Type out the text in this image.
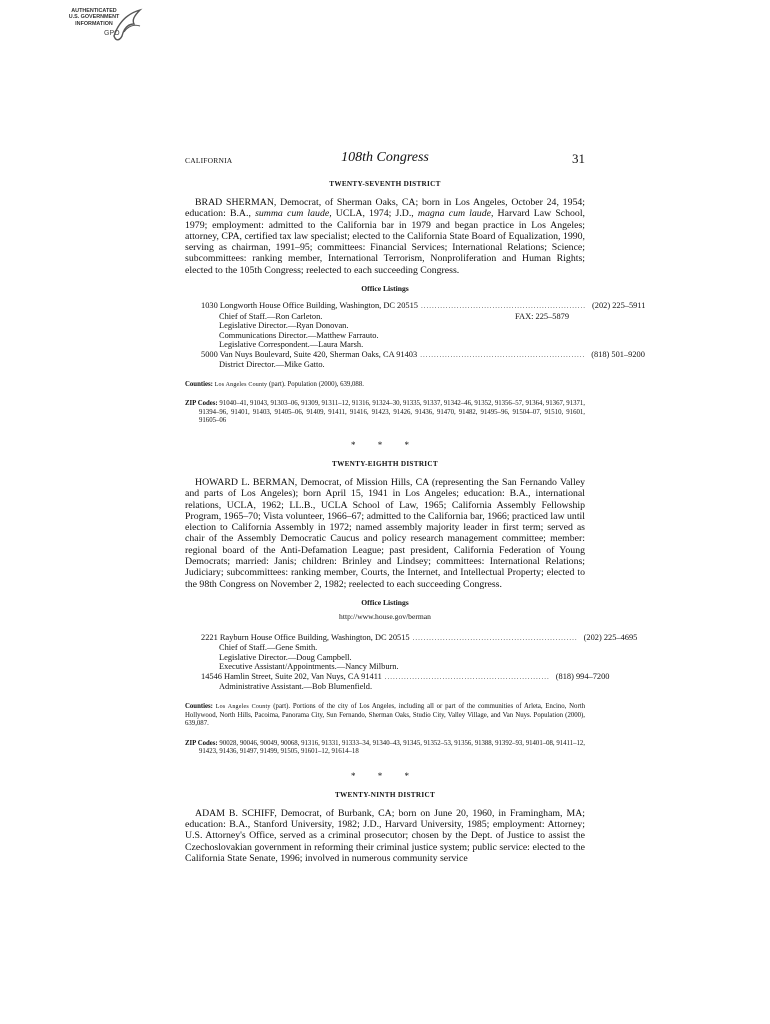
AUTHENTICATED
U.S. GOVERNMENT
INFORMATION
GPO
CALIFORNIA	108th Congress	31
TWENTY-SEVENTH DISTRICT

BRAD SHERMAN, Democrat, of Sherman Oaks, CA; born in Los Angeles, October 24, 1954; education: B.A., summa cum laude, UCLA, 1974; J.D., magna cum laude, Harvard Law School, 1979; employment: admitted to the California bar in 1979 and began practice in Los Angeles; attorney, CPA, certified tax law specialist; elected to the California State Board of Equalization, 1990, serving as chairman, 1991–95; committees: Financial Services; International Relations; Science; subcommittees: ranking member, International Terrorism, Nonproliferation and Human Rights; elected to the 105th Congress; reelected to each succeeding Congress.

Office Listings
1030 Longworth House Office Building, Washington, DC 20515 ............................................................ (202) 225–5911
Chief of Staff.—Ron Carleton.	FAX: 225–5879
Legislative Director.—Ryan Donovan.
Communications Director.—Matthew Farrauto.
Legislative Correspondent.—Laura Marsh.
5000 Van Nuys Boulevard, Suite 420, Sherman Oaks, CA 91403 ............................................................ (818) 501–9200
District Director.—Mike Gatto.

Counties: Los Angeles County (part). Population (2000), 639,088.

ZIP Codes: 91040–41, 91043, 91303–06, 91309, 91311–12, 91316, 91324–30, 91335, 91337, 91342–46, 91352, 91356–57, 91364, 91367, 91371, 91394–96, 91401, 91403, 91405–06, 91409, 91411, 91416, 91423, 91426, 91436, 91470, 91482, 91495–96, 91504–07, 91510, 91601, 91605–06

* * *
TWENTY-EIGHTH DISTRICT

HOWARD L. BERMAN, Democrat, of Mission Hills, CA (representing the San Fernando Valley and parts of Los Angeles); born April 15, 1941 in Los Angeles; education: B.A., international relations, UCLA, 1962; LL.B., UCLA School of Law, 1965; California Assembly Fellowship Program, 1965–70; Vista volunteer, 1966–67; admitted to the California bar, 1966; practiced law until election to California Assembly in 1972; named assembly majority leader in first term; served as chair of the Assembly Democratic Caucus and policy research management committee; member: regional board of the Anti-Defamation League; past president, California Federation of Young Democrats; married: Janis; children: Brinley and Lindsey; committees: International Relations; Judiciary; subcommittees: ranking member, Courts, the Internet, and Intellectual Property; elected to the 98th Congress on November 2, 1982; reelected to each succeeding Congress.

Office Listings
http://www.house.gov/berman
2221 Rayburn House Office Building, Washington, DC 20515 ............................................................ (202) 225–4695
Chief of Staff.—Gene Smith.
Legislative Director.—Doug Campbell.
Executive Assistant/Appointments.—Nancy Milburn.
14546 Hamlin Street, Suite 202, Van Nuys, CA 91411 ............................................................ (818) 994–7200
Administrative Assistant.—Bob Blumenfield.

Counties: Los Angeles County (part). Portions of the city of Los Angeles, including all or part of the communities of Arleta, Encino, North Hollywood, North Hills, Pacoima, Panorama City, Sun Fernando, Sherman Oaks, Studio City, Valley Village, and Van Nuys. Population (2000), 639,087.

ZIP Codes: 90028, 90046, 90049, 90068, 91316, 91331, 91333–34, 91340–43, 91345, 91352–53, 91356, 91388, 91392–93, 91401–08, 91411–12, 91423, 91436, 91497, 91499, 91505, 91601–12, 91614–18

* * *
TWENTY-NINTH DISTRICT

ADAM B. SCHIFF, Democrat, of Burbank, CA; born on June 20, 1960, in Framingham, MA; education: B.A., Stanford University, 1982; J.D., Harvard University, 1985; employment: Attorney; U.S. Attorney's Office, served as a criminal prosecutor; chosen by the Dept. of Justice to assist the Czechoslovakian government in reforming their criminal justice system; public service: elected to the California State Senate, 1996; involved in numerous community service
